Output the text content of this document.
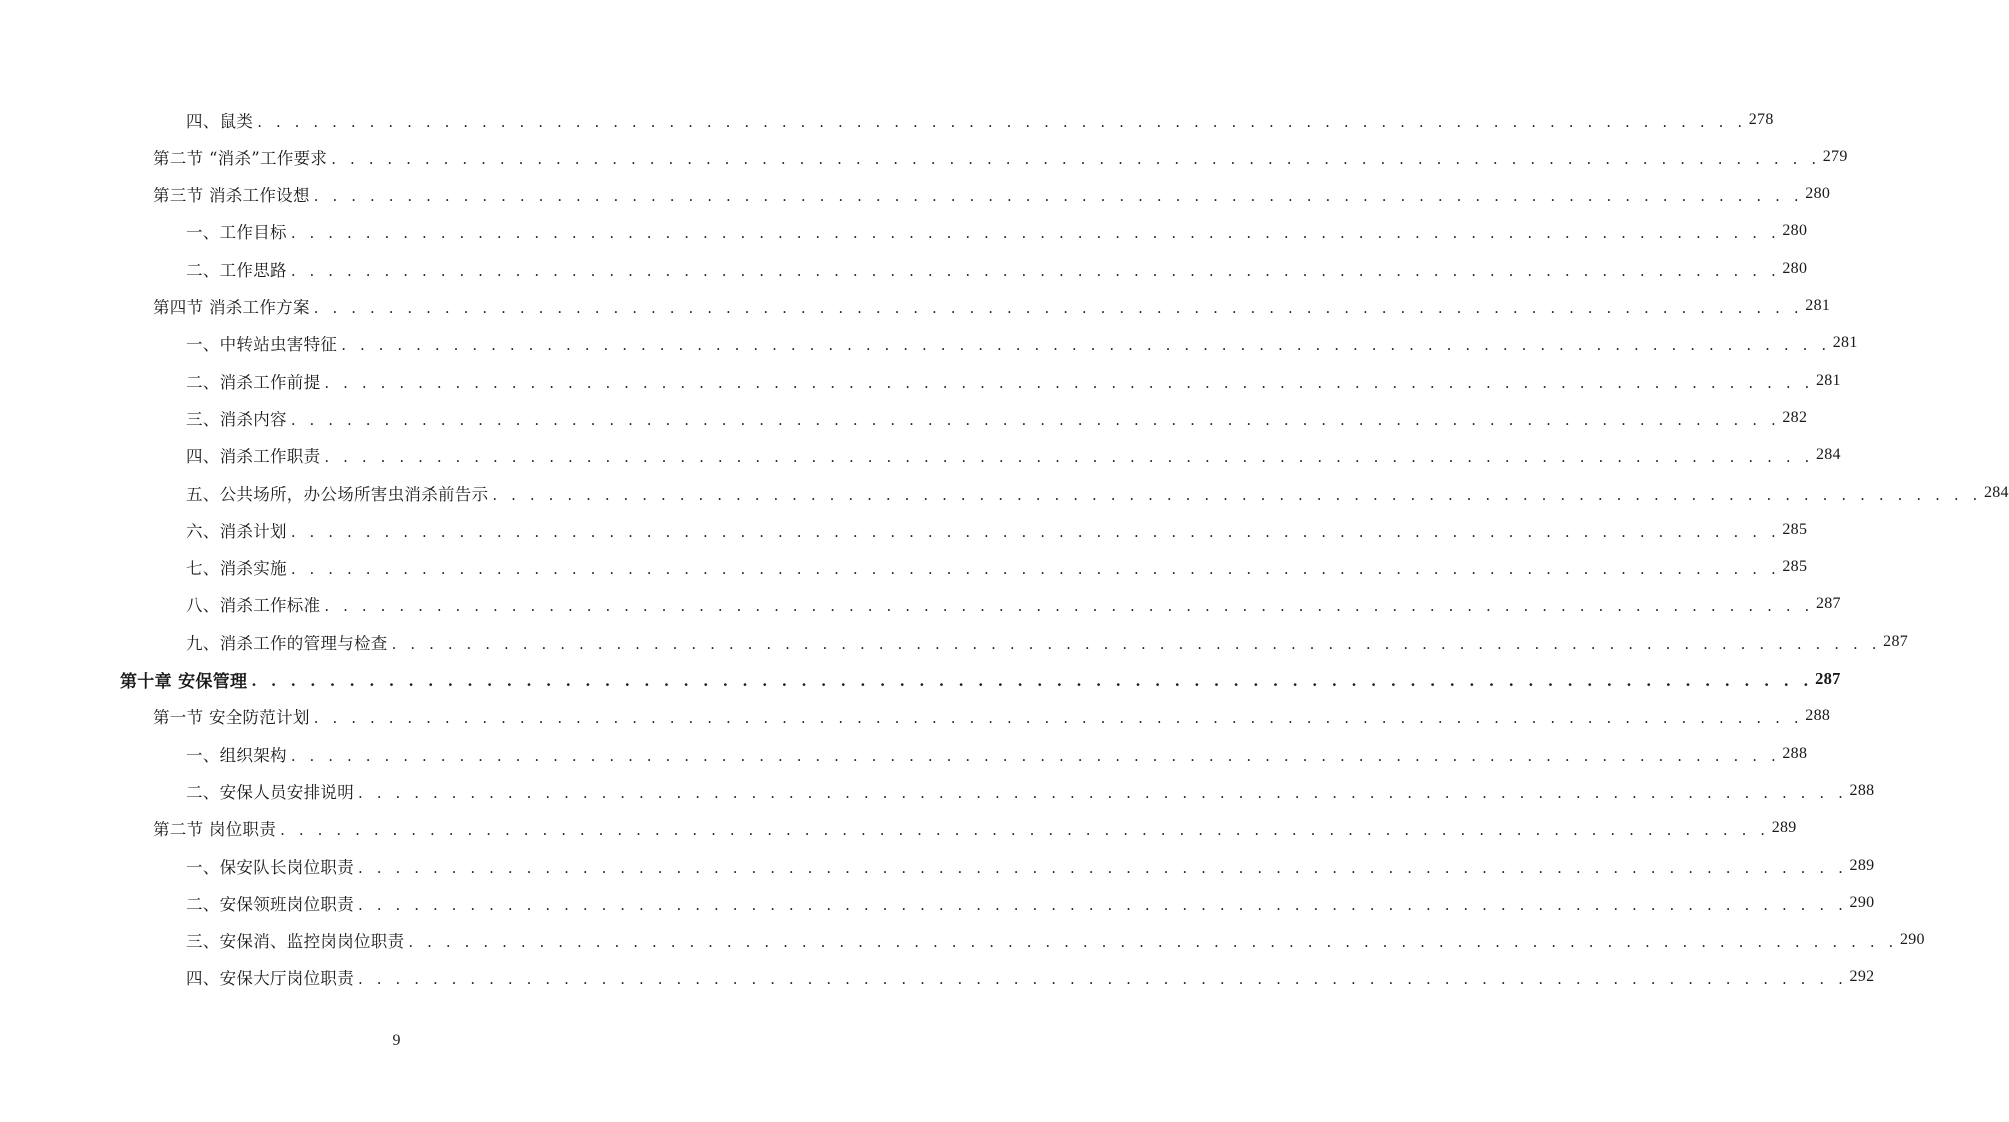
四、鼠类 . . . . . . . . . . . . . . . . . . . . . . . . . . . . . . . . . . . . . . . . . . . . . . . . . . . . . . . . . . . . . . . . . . . . . . . . . . . . . . . . 278
第二节 “消杀”工作要求 . . . . . . . . . . . . . . . . . . . . . . . . . . . . . . . . . . . . . . . . . . . . . . . . . . . . . . . . . . . . . . . . . . . . . . . . . . . . . . . . 279
第三节 消杀工作设想 . . . . . . . . . . . . . . . . . . . . . . . . . . . . . . . . . . . . . . . . . . . . . . . . . . . . . . . . . . . . . . . . . . . . . . . . . . . . . . . . 280
一、工作目标 . . . . . . . . . . . . . . . . . . . . . . . . . . . . . . . . . . . . . . . . . . . . . . . . . . . . . . . . . . . . . . . . . . . . . . . . . . . . . . . . 280
二、工作思路 . . . . . . . . . . . . . . . . . . . . . . . . . . . . . . . . . . . . . . . . . . . . . . . . . . . . . . . . . . . . . . . . . . . . . . . . . . . . . . . . 280
第四节 消杀工作方案 . . . . . . . . . . . . . . . . . . . . . . . . . . . . . . . . . . . . . . . . . . . . . . . . . . . . . . . . . . . . . . . . . . . . . . . . . . . . . . . . 281
一、中转站虫害特征 . . . . . . . . . . . . . . . . . . . . . . . . . . . . . . . . . . . . . . . . . . . . . . . . . . . . . . . . . . . . . . . . . . . . . . . . . . . . . . . . 281
二、消杀工作前提 . . . . . . . . . . . . . . . . . . . . . . . . . . . . . . . . . . . . . . . . . . . . . . . . . . . . . . . . . . . . . . . . . . . . . . . . . . . . . . . . 281
三、消杀内容 . . . . . . . . . . . . . . . . . . . . . . . . . . . . . . . . . . . . . . . . . . . . . . . . . . . . . . . . . . . . . . . . . . . . . . . . . . . . . . . . 282
四、消杀工作职责 . . . . . . . . . . . . . . . . . . . . . . . . . . . . . . . . . . . . . . . . . . . . . . . . . . . . . . . . . . . . . . . . . . . . . . . . . . . . . . . . 284
五、公共场所，办公场所害虫消杀前告示 . . . . . . . . . . . . . . . . . . . . . . . . . . . . . . . . . . . . . . . . . . . . . . . . . . . . . . . . . . . . . . . . . . . . . . . . . . . . . . . . 284
六、消杀计划 . . . . . . . . . . . . . . . . . . . . . . . . . . . . . . . . . . . . . . . . . . . . . . . . . . . . . . . . . . . . . . . . . . . . . . . . . . . . . . . . 285
七、消杀实施 . . . . . . . . . . . . . . . . . . . . . . . . . . . . . . . . . . . . . . . . . . . . . . . . . . . . . . . . . . . . . . . . . . . . . . . . . . . . . . . . 285
八、消杀工作标准 . . . . . . . . . . . . . . . . . . . . . . . . . . . . . . . . . . . . . . . . . . . . . . . . . . . . . . . . . . . . . . . . . . . . . . . . . . . . . . . . 287
九、消杀工作的管理与检查 . . . . . . . . . . . . . . . . . . . . . . . . . . . . . . . . . . . . . . . . . . . . . . . . . . . . . . . . . . . . . . . . . . . . . . . . . . . . . . . . 287
第十章 安保管理 . . . . . . . . . . . . . . . . . . . . . . . . . . . . . . . . . . . . . . . . . . . . . . . . . . . . . . . . . . . . . . . . . . . . . . . . . . . . . . . . 287
第一节 安全防范计划 . . . . . . . . . . . . . . . . . . . . . . . . . . . . . . . . . . . . . . . . . . . . . . . . . . . . . . . . . . . . . . . . . . . . . . . . . . . . . . . . 288
一、组织架构 . . . . . . . . . . . . . . . . . . . . . . . . . . . . . . . . . . . . . . . . . . . . . . . . . . . . . . . . . . . . . . . . . . . . . . . . . . . . . . . . 288
二、安保人员安排说明 . . . . . . . . . . . . . . . . . . . . . . . . . . . . . . . . . . . . . . . . . . . . . . . . . . . . . . . . . . . . . . . . . . . . . . . . . . . . . . . . 288
第二节 岗位职责 . . . . . . . . . . . . . . . . . . . . . . . . . . . . . . . . . . . . . . . . . . . . . . . . . . . . . . . . . . . . . . . . . . . . . . . . . . . . . . . . 289
一、保安队长岗位职责 . . . . . . . . . . . . . . . . . . . . . . . . . . . . . . . . . . . . . . . . . . . . . . . . . . . . . . . . . . . . . . . . . . . . . . . . . . . . . . . . 289
二、安保领班岗位职责 . . . . . . . . . . . . . . . . . . . . . . . . . . . . . . . . . . . . . . . . . . . . . . . . . . . . . . . . . . . . . . . . . . . . . . . . . . . . . . . . 290
三、安保消、监控岗岗位职责 . . . . . . . . . . . . . . . . . . . . . . . . . . . . . . . . . . . . . . . . . . . . . . . . . . . . . . . . . . . . . . . . . . . . . . . . . . . . . . . . 290
四、安保大厅岗位职责 . . . . . . . . . . . . . . . . . . . . . . . . . . . . . . . . . . . . . . . . . . . . . . . . . . . . . . . . . . . . . . . . . . . . . . . . . . . . . . . . 292
9
